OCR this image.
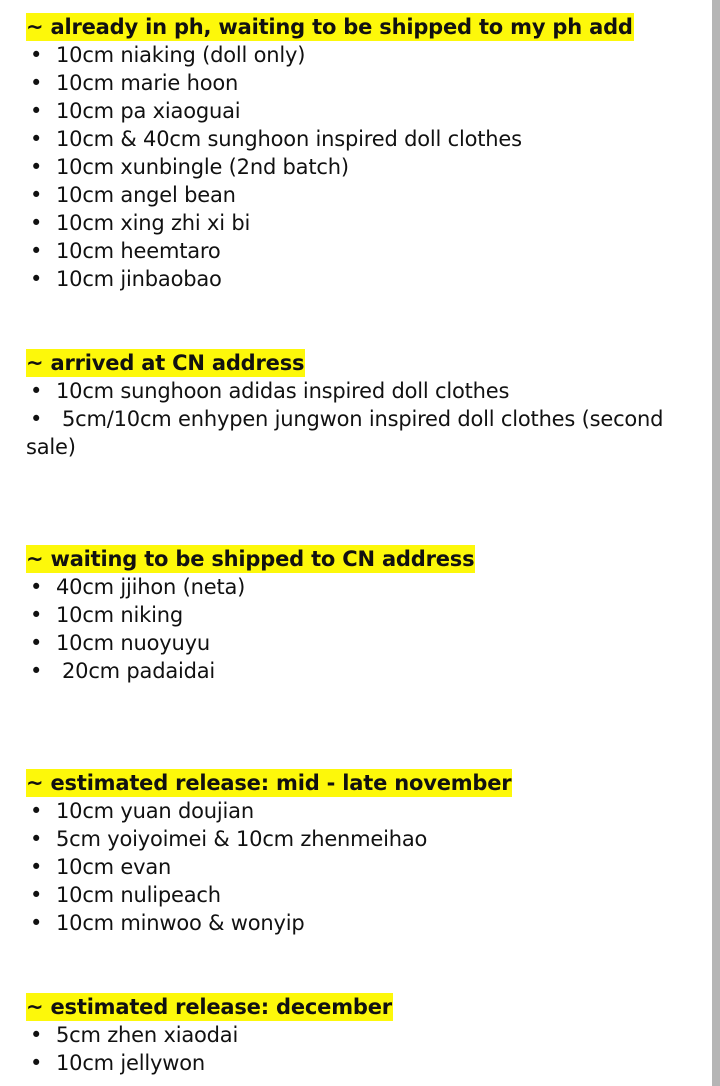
~ already in ph, waiting to be shipped to my ph add
• 10cm niaking (doll only)
• 10cm marie hoon
• 10cm pa xiaoguai
• 10cm & 40cm sunghoon inspired doll clothes
• 10cm xunbingle (2nd batch)
• 10cm angel bean
• 10cm xing zhi xi bi
• 10cm heemtaro
• 10cm jinbaobao
~ arrived at CN address
• 10cm sunghoon adidas inspired doll clothes
• 5cm/10cm enhypen jungwon inspired doll clothes (second sale)
~ waiting to be shipped to CN address
• 40cm jjihon (neta)
• 10cm niking
• 10cm nuoyuyu
• 20cm padaidai
~ estimated release: mid - late november
• 10cm yuan doujian
• 5cm yoiyoimei & 10cm zhenmeihao
• 10cm evan
• 10cm nulipeach
• 10cm minwoo & wonyip
~ estimated release: december
• 5cm zhen xiaodai
• 10cm jellywon
